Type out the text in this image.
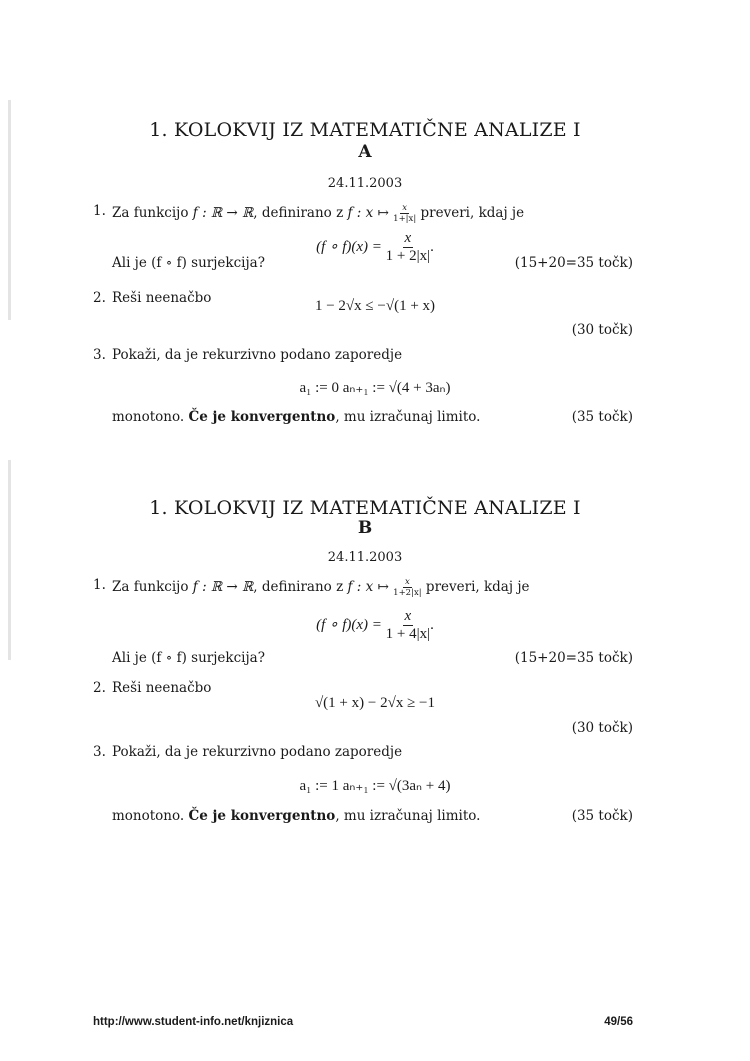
1. KOLOKVIJ IZ MATEMATIČNE ANALIZE I
A
24.11.2003
1. Za funkcijo f : ℝ → ℝ, definirano z f : x ↦ $\frac{x}{1+|x|}$ preveri, kdaj je
(f ∘ $f)(x) = \frac{x}{1 + 2|x|}$ .
Ali je (f ∘ f) surjekcija?	(15+20=35 točk)
2. Reši neenačbo	1 − 2√x ≤ −√(1 + x)
(30 točk)
3. Pokaži, da je rekurzivno podano zaporedje
a₁ := 0 aₙ₊₁ := √(4 + 3aₙ)
monotono. Če je konvergentno, mu izračunaj limito.	(35 točk)
1. KOLOKVIJ IZ MATEMATIČNE ANALIZE I
B
24.11.2003
1. Za funkcijo f : ℝ → ℝ, definirano z f : x ↦ $\frac{x}{1+2|x|}$ preveri, kdaj je
(f ∘ $f)(x) = \frac{x}{1 + 4|x|}$ .
Ali je (f ∘ f) surjekcija?	(15+20=35 točk)
2. Reši neenačbo
√(1 + x) − 2√x ≥ −1
(30 točk)
3. Pokaži, da je rekurzivno podano zaporedje
a₁ := 1 aₙ₊₁ := √(3aₙ + 4)
monotono. Če je konvergentno, mu izračunaj limito.	(35 točk)
http://www.student-info.net/knjiznica	49/56
